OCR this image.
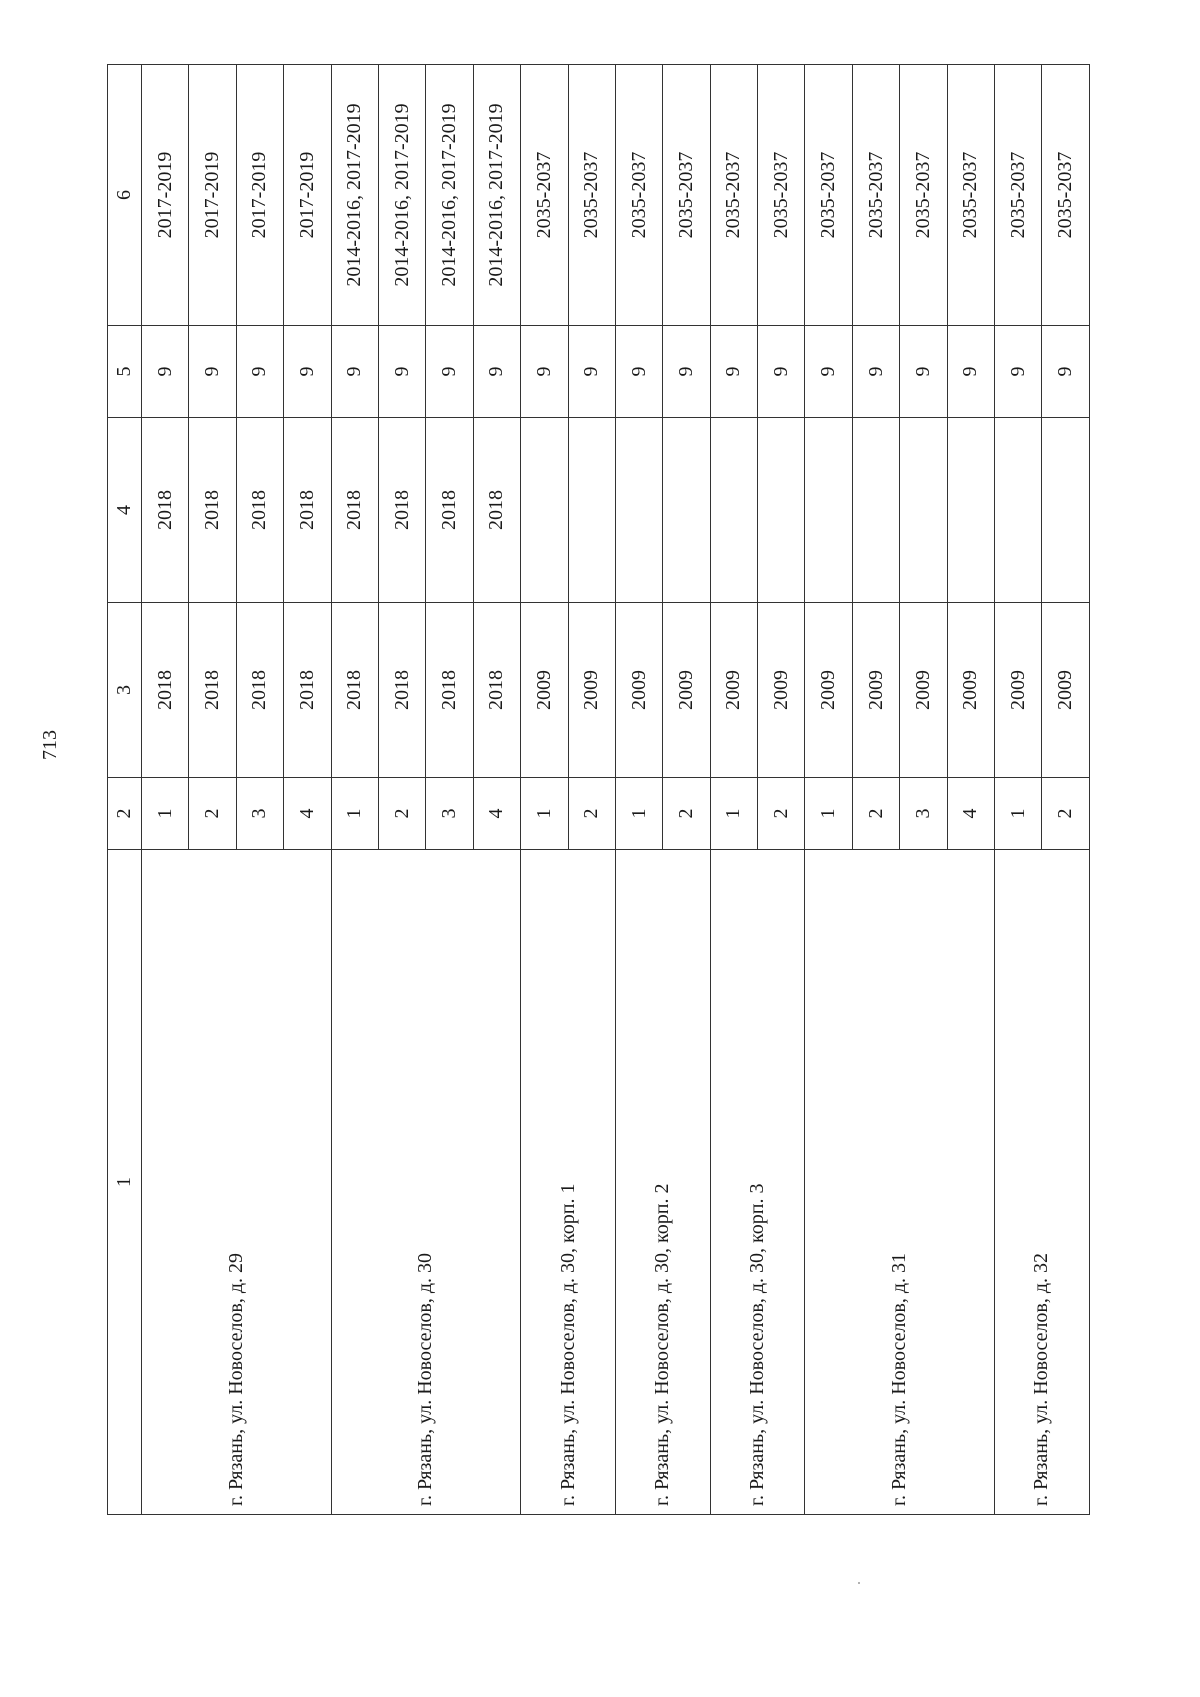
713
1	2	3	4	5	6
г. Рязань, ул. Новоселов, д. 29	1	2018	2018	9	2017-2019
	2	2018	2018	9	2017-2019
	3	2018	2018	9	2017-2019
	4	2018	2018	9	2017-2019
г. Рязань, ул. Новоселов, д. 30	1	2018	2018	9	2014-2016, 2017-2019
	2	2018	2018	9	2014-2016, 2017-2019
	3	2018	2018	9	2014-2016, 2017-2019
	4	2018	2018	9	2014-2016, 2017-2019
г. Рязань, ул. Новоселов, д. 30, корп. 1	1	2009		9	2035-2037
	2	2009		9	2035-2037
г. Рязань, ул. Новоселов, д. 30, корп. 2	1	2009		9	2035-2037
	2	2009		9	2035-2037
г. Рязань, ул. Новоселов, д. 30, корп. 3	1	2009		9	2035-2037
	2	2009		9	2035-2037
г. Рязань, ул. Новоселов, д. 31	1	2009		9	2035-2037
	2	2009		9	2035-2037
	3	2009		9	2035-2037
	4	2009		9	2035-2037
г. Рязань, ул. Новоселов, д. 32	1	2009		9	2035-2037
	2	2009		9	2035-2037
